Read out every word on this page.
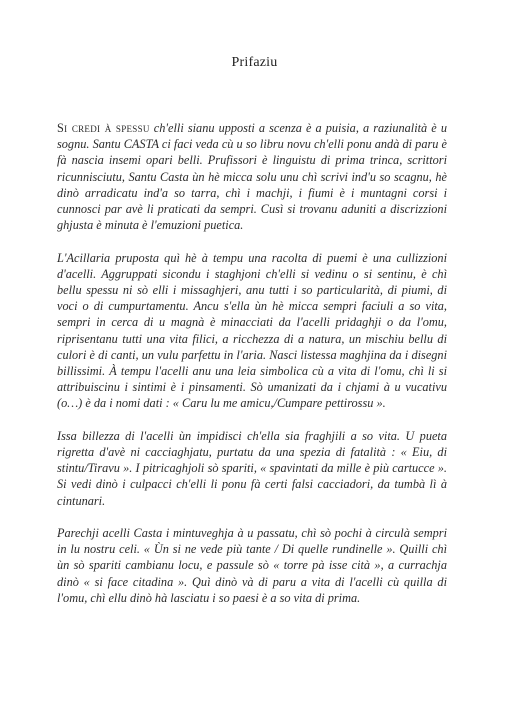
Prifaziu

Si credi à spessu ch'elli sianu upposti a scenza è a puisia, a raziunalità è u sognu. Santu CASTA ci faci veda cù u so libru novu ch'elli ponu andà di paru è fà nascia insemi opari belli. Prufissori è linguistu di prima trinca, scrittori ricunnisciutu, Santu Casta ùn hè micca solu unu chì scrivi ind'u so scagnu, hè dinò arradicatu ind'a so tarra, chì i machji, i fiumi è i muntagni corsi i cunnosci par avè li praticati da sempri. Cusì si trovanu aduniti a discrizzioni ghjusta è minuta è l'emuzioni puetica.

L'Acillaria pruposta quì hè à tempu una racolta di puemi è una cullizzioni d'acelli. Aggruppati sicondu i staghjoni ch'elli si vedinu o si sentinu, è chì bellu spessu ni sò elli i missaghjeri, anu tutti i so particularità, di piumi, di voci o di cumpurtamentu. Ancu s'ella ùn hè micca sempri faciuli a so vita, sempri in cerca di u magnà è minacciati da l'acelli pridaghji o da l'omu, riprisentanu tutti una vita filici, a ricchezza di a natura, un mischiu bellu di culori è di canti, un vulu parfettu in l'aria. Nasci listessa maghjina da i disegni billissimi. À tempu l'acelli anu una leia simbolica cù a vita di l'omu, chì li si attribuiscinu i sintimi è i pinsamenti. Sò umanizati da i chjami à u vucativu (o…) è da i nomi dati : « Caru lu me amicu,/Cumpare pettirossu ».

Issa billezza di l'acelli ùn impidisci ch'ella sia fraghjili a so vita. U pueta rigretta d'avè ni cacciaghjatu, purtatu da una spezia di fatalità : « Eiu, di stintu/Tiravu ». I pitricaghjoli sò spariti, « spavintati da mille è più cartucce ». Si vedi dinò i culpacci ch'elli li ponu fà certi falsi cacciadori, da tumbà lì à cintunari.

Parechji acelli Casta i mintuveghja à u passatu, chì sò pochi à circulà sempri in lu nostru celi. « Ùn si ne vede più tante / Di quelle rundinelle ». Quilli chì ùn sò spariti cambianu locu, e passule sò « torre pà isse cità », a currachja dinò « si face citadina ». Quì dinò và di paru a vita di l'acelli cù quilla di l'omu, chì ellu dinò hà lasciatu i so paesi è a so vita di prima.
